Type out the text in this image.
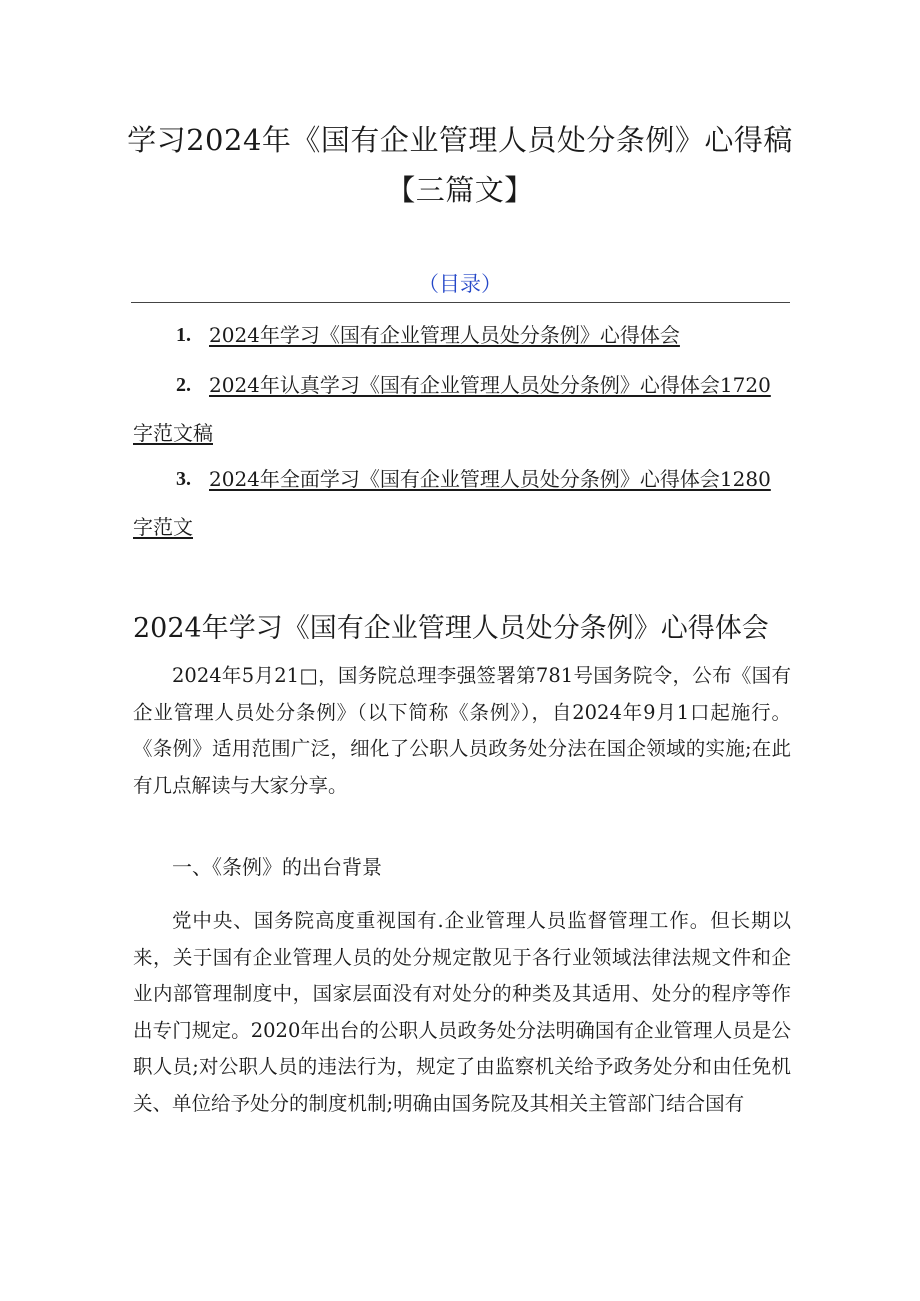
学习2024年《国有企业管理人员处分条例》心得稿
【三篇文】
（目录）
1. 2024年学习《国有企业管理人员处分条例》心得体会
2. 2024年认真学习《国有企业管理人员处分条例》心得体会1720
字范文稿
3. 2024年全面学习《国有企业管理人员处分条例》心得体会1280
字范文
2024年学习《国有企业管理人员处分条例》心得体会

2024年5月21□，国务院总理李强签署第781号国务院令，公布《国有企业管理人员处分条例》（以下简称《条例》），自2024年9月1口起施行。《条例》适用范围广泛，细化了公职人员政务处分法在国企领域的实施;在此有几点解读与大家分享。

一、《条例》的出台背景

党中央、国务院高度重视国有.企业管理人员监督管理工作。但长期以来，关于国有企业管理人员的处分规定散见于各行业领域法律法规文件和企业内部管理制度中，国家层面没有对处分的种类及其适用、处分的程序等作出专门规定。2020年出台的公职人员政务处分法明确国有企业管理人员是公职人员;对公职人员的违法行为，规定了由监察机关给予政务处分和由任免机关、单位给予处分的制度机制;明确由国务院及其相关主管部门结合国有
